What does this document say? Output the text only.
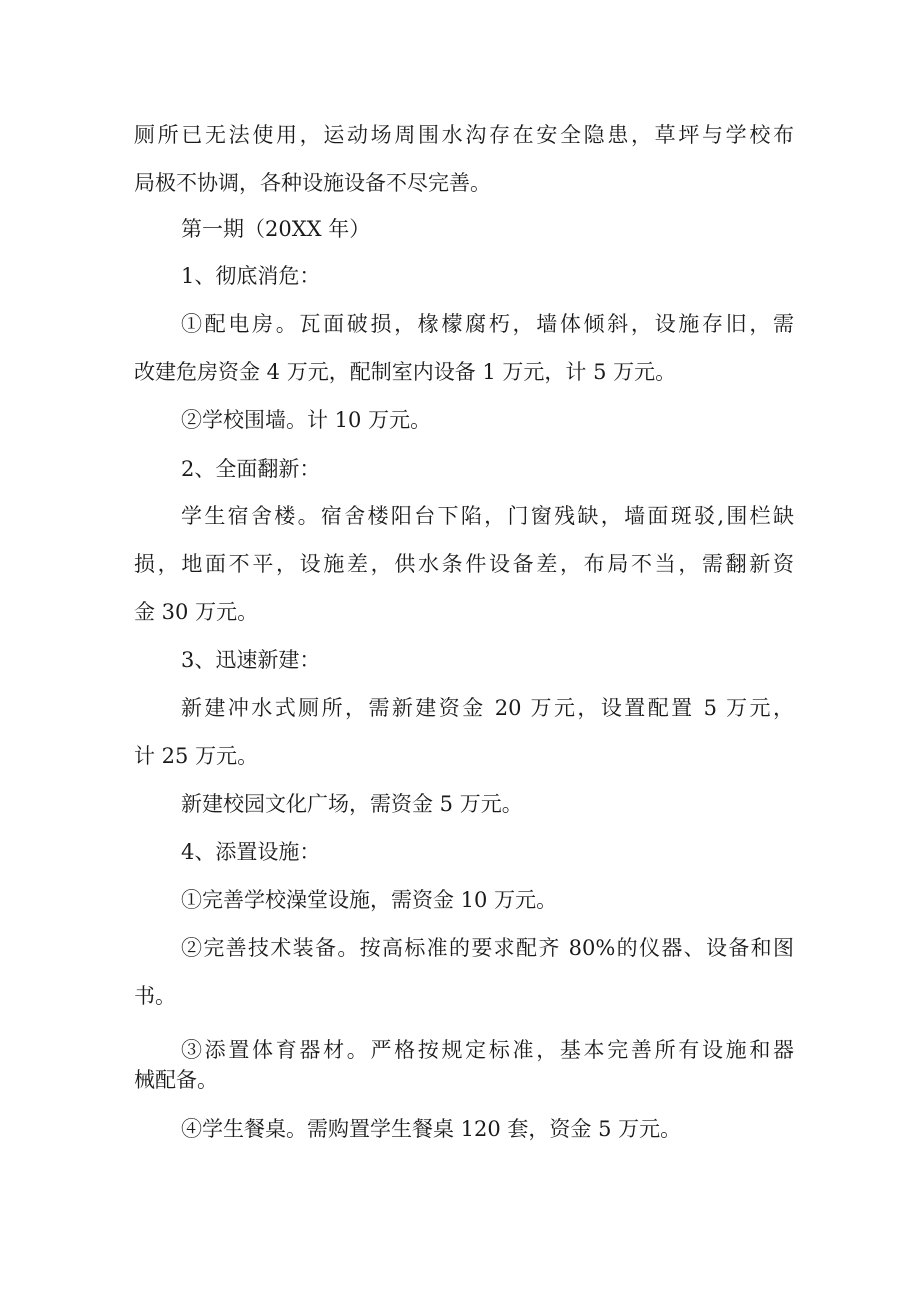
厕所已无法使用，运动场周围水沟存在安全隐患，草坪与学校布

局极不协调，各种设施设备不尽完善。

第一期（20XX 年）

1、彻底消危：

①配电房。瓦面破损，椽檬腐朽，墙体倾斜，设施存旧，需

改建危房资金 4 万元，配制室内设备 1 万元，计 5 万元。

②学校围墙。计 10 万元。

2、全面翻新：

学生宿舍楼。宿舍楼阳台下陷，门窗残缺，墙面斑驳,围栏缺

损，地面不平，设施差，供水条件设备差，布局不当，需翻新资

金 30 万元。

3、迅速新建：

新建冲水式厕所，需新建资金 20 万元，设置配置 5 万元，

计 25 万元。

新建校园文化广场，需资金 5 万元。

4、添置设施：

①完善学校澡堂设施，需资金 10 万元。

②完善技术装备。按高标准的要求配齐 80%的仪器、设备和图

书。

③添置体育器材。严格按规定标准，基本完善所有设施和器

械配备。

④学生餐桌。需购置学生餐桌 120 套，资金 5 万元。
